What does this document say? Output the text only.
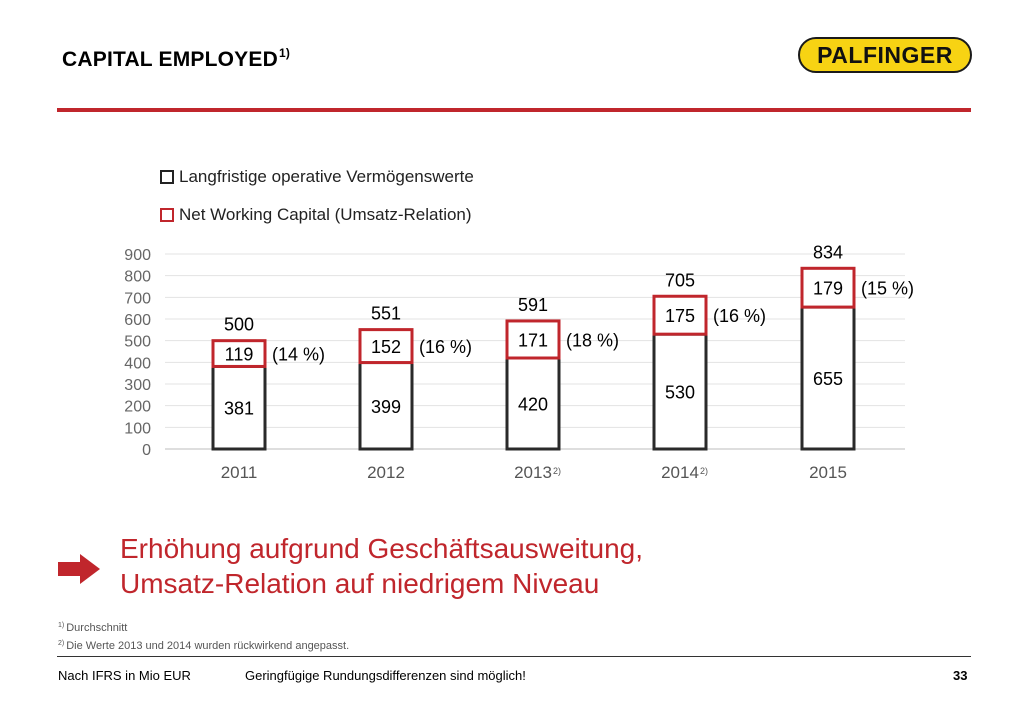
CAPITAL EMPLOYED$^{1)}$	PALFINGER
Langfristige operative Vermögenswerte
Net Working Capital (Umsatz-Relation)
0
100
200
300
400
500
600
700
800
900
381
119
500
(14 %)
2011
399
152
551
(16 %)
2012
420
171
591
(18 %)
2013 2)
530
175
705
(16 %)
2014 2)
655
179
834
(15 %)
2015
Erhöhung aufgrund Geschäftsausweitung,
Umsatz-Relation auf niedrigem Niveau
$^{1)}$ Durchschnitt
$^{2)}$ Die Werte 2013 und 2014 wurden rückwirkend angepasst.
Nach IFRS in Mio EUR	Geringfügige Rundungsdifferenzen sind möglich!	33
